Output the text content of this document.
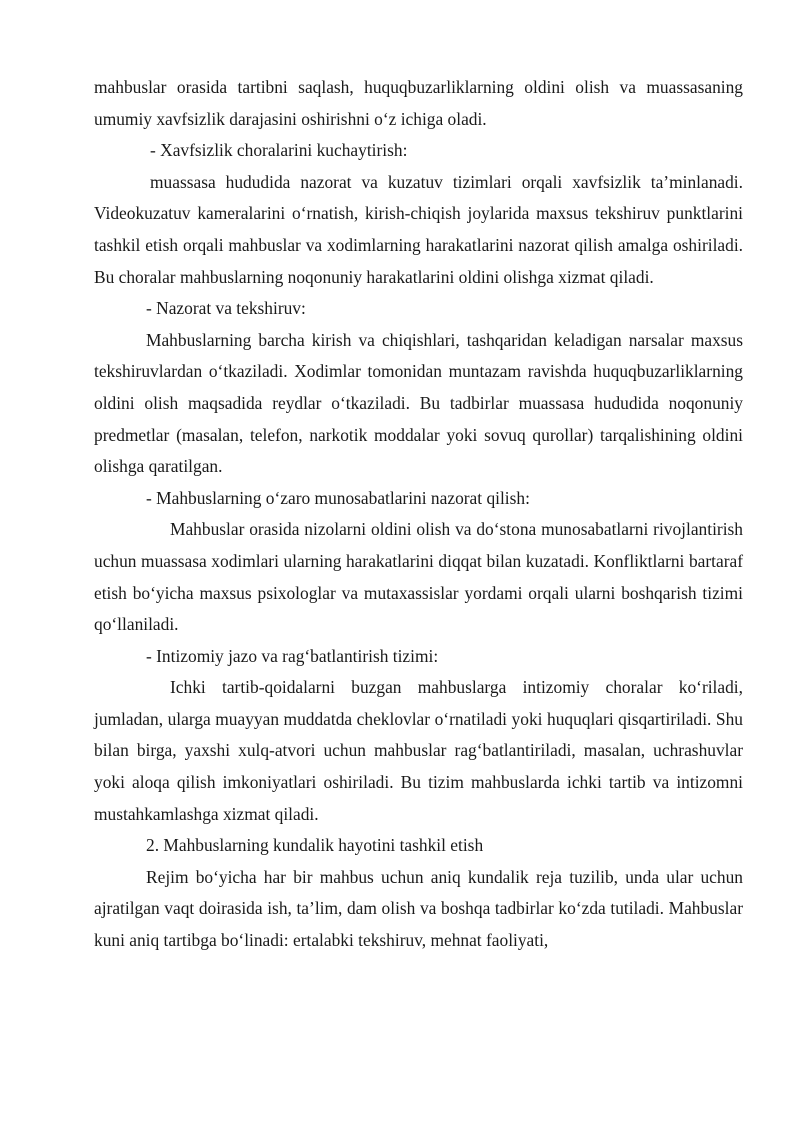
mahbuslar orasida tartibni saqlash, huquqbuzarliklarning oldini olish va muassasaning umumiy xavfsizlik darajasini oshirishni o‘z ichiga oladi.

- Xavfsizlik choralarini kuchaytirish:

muassasa hududida nazorat va kuzatuv tizimlari orqali xavfsizlik ta’minlanadi. Videokuzatuv kameralarini o‘rnatish, kirish-chiqish joylarida maxsus tekshiruv punktlarini tashkil etish orqali mahbuslar va xodimlarning harakatlarini nazorat qilish amalga oshiriladi. Bu choralar mahbuslarning noqonuniy harakatlarini oldini olishga xizmat qiladi.

- Nazorat va tekshiruv:

Mahbuslarning barcha kirish va chiqishlari, tashqaridan keladigan narsalar maxsus tekshiruvlardan o‘tkaziladi. Xodimlar tomonidan muntazam ravishda huquqbuzarliklarning oldini olish maqsadida reydlar o‘tkaziladi. Bu tadbirlar muassasa hududida noqonuniy predmetlar (masalan, telefon, narkotik moddalar yoki sovuq qurollar) tarqalishining oldini olishga qaratilgan.

- Mahbuslarning o‘zaro munosabatlarini nazorat qilish:

Mahbuslar orasida nizolarni oldini olish va do‘stona munosabatlarni rivojlantirish uchun muassasa xodimlari ularning harakatlarini diqqat bilan kuzatadi. Konfliktlarni bartaraf etish bo‘yicha maxsus psixologlar va mutaxassislar yordami orqali ularni boshqarish tizimi qo‘llaniladi.

- Intizomiy jazo va rag‘batlantirish tizimi:

Ichki tartib-qoidalarni buzgan mahbuslarga intizomiy choralar ko‘riladi, jumladan, ularga muayyan muddatda cheklovlar o‘rnatiladi yoki huquqlari qisqartiriladi. Shu bilan birga, yaxshi xulq-atvori uchun mahbuslar rag‘batlantiriladi, masalan, uchrashuvlar yoki aloqa qilish imkoniyatlari oshiriladi. Bu tizim mahbuslarda ichki tartib va intizomni mustahkamlashga xizmat qiladi.

2. Mahbuslarning kundalik hayotini tashkil etish

Rejim bo‘yicha har bir mahbus uchun aniq kundalik reja tuzilib, unda ular uchun ajratilgan vaqt doirasida ish, ta’lim, dam olish va boshqa tadbirlar ko‘zda tutiladi. Mahbuslar kuni aniq tartibga bo‘linadi: ertalabki tekshiruv, mehnat faoliyati,
